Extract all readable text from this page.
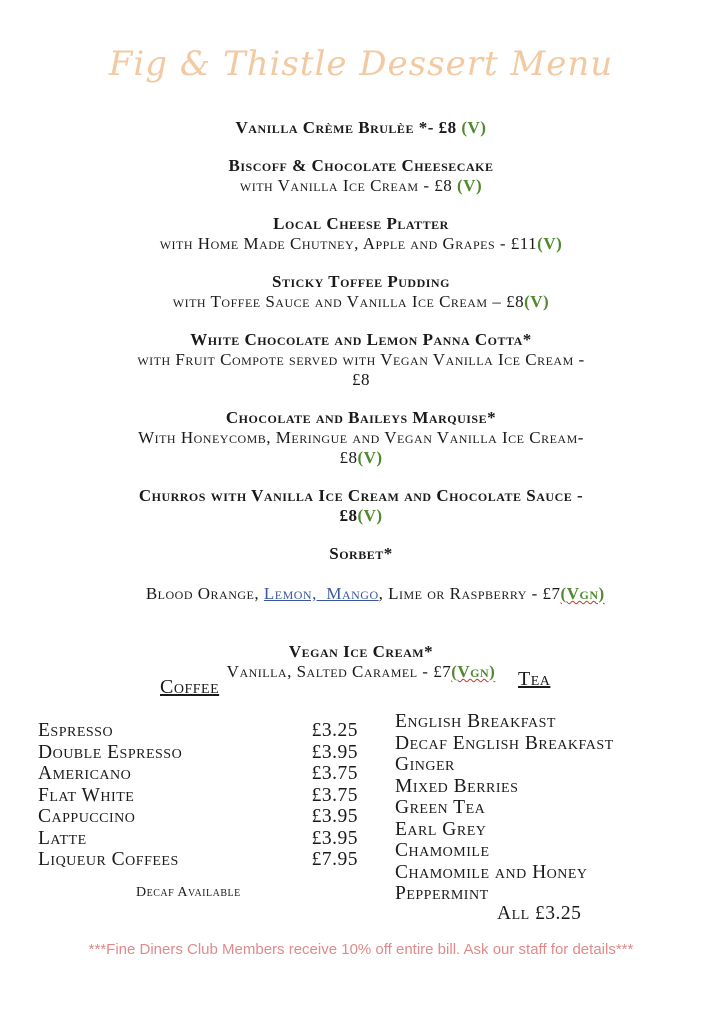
Fig & Thistle Dessert Menu
Vanilla Crème Brulèe *- £8 (V)
Biscoff & Chocolate Cheesecake
with Vanilla Ice Cream - £8 (V)
Local Cheese Platter
with Home Made Chutney, Apple and Grapes - £11(V)
Sticky Toffee Pudding
with Toffee Sauce and Vanilla Ice Cream – £8(V)
White Chocolate and Lemon Panna Cotta*
with Fruit Compote served with Vegan Vanilla Ice Cream -
£8
Chocolate and Baileys Marquise*
With Honeycomb, Meringue and Vegan Vanilla Ice Cream-
£8(V)
Churros with Vanilla Ice Cream and Chocolate Sauce -
£8(V)
Sorbet*

Blood Orange, Lemon,  Mango, Lime or Raspberry - £7(Vgn)

Vegan Ice Cream*
Vanilla, Salted Caramel - £7(Vgn)
Coffee
Espresso	£3.25
Double Espresso	£3.95
Americano	£3.75
Flat White	£3.75
Cappuccino	£3.95
Latte	£3.95
Liqueur Coffees	£7.95
Decaf Available
Tea
English Breakfast
Decaf English Breakfast
Ginger
Mixed Berries
Green Tea
Earl Grey
Chamomile
Chamomile and Honey
Peppermint
All £3.25
***Fine Diners Club Members receive 10% off entire bill. Ask our staff for details***
